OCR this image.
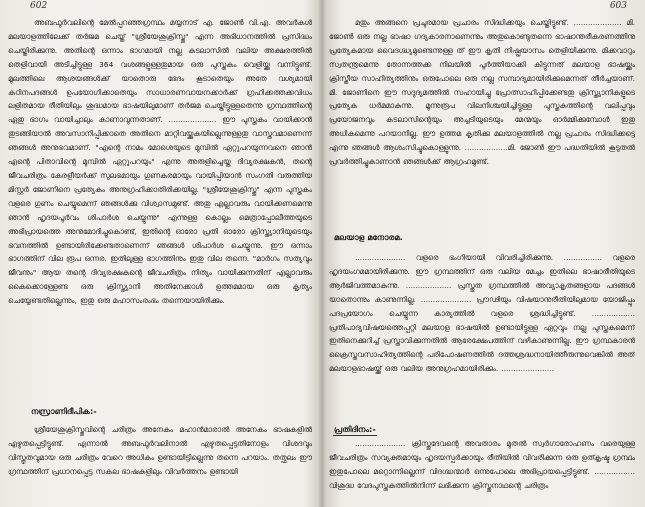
602

അബഫുർവലിന്റെ മേൽപ്പറഞ്ഞഗ്രന്ഥം മയ്യനാട് എ. ജോൺ വി.എ. അവർകൾ മലയാളത്തിലേക്ക് തർജമ ചെയ്ത് "ശ്രീയേശുക്രിസ്തു" എന്ന അഭിധാനത്തിൽ പ്രസിദ്ധം ചെയ്തിരിക്കുന്നു. അതിന്റെ ഒന്നാം ഭാഗമായി നല്ല കടലാസിൽ വലിയ അക്ഷരത്തിൽ തെളിവായി അടിച്ചിട്ടുള്ള 364 വശങ്ങളുള്ളതുമായ ഒരു പുസ്തകം വെളിയ്ക്കു വന്നിട്ടുണ്ട്. മൂലത്തിലെ ആശയങ്ങൾക്ക് യാതൊരു ഭേദം കൂടാതെയും അതേ വശ്യമായി കഠിനപദങ്ങൾ ഉപയോഗിക്കാതെയും സാധാരണവായനക്കാർക്ക് ഗ്രഹിക്കത്തക്കവിധം ലളിതമായ രീതിയിലും ശുദ്ധമായ ഭാഷയിലുമാണ് തർജമ ചെയ്തിട്ടുള്ളതെന്നു ഗ്രന്ഥത്തിന്റെ ഏതു ഭാഗം വായിച്ചാലും കാണാവുന്നതാണ്. .................... ഈ പുസ്തകം വായിക്കാൻ തുടങ്ങിയാൽ അവസാനിപ്പിക്കാതെ അതിനെ മാറ്റിവയ്ക്കുകയില്ലെന്നുള്ളതു വാസ്തവമാണെന്ന് ഞങ്ങൾ അനുഭവമാണ്. "എന്റെ നാമം മോശെയുടെ മുമ്പിൽ ഏറ്റുപറയുന്നവനെ ഞാൻ എന്റെ പിതാവിന്റെ മുമ്പിൽ ഏറ്റുപറയും" എന്നു അരുളിച്ചെയ്ത ദിവ്യരക്ഷകൻ, തന്റെ ജീവചരിത്രം കേരളീയർക്ക് സുലഭമായും ഗുണകരമായും വായിപ്പിയാൻ സംഗതി വരുത്തിയ മിസ്റ്റർ ജോണിനെ പ്രത്യേകം അനുഗ്രഹിക്കാതിരിക്കയില്ല. "ശ്രീയേശുക്രിസ്തു" എന്ന പുസ്തകം വളരെ ഗുണം ചെയ്യുമെന്ന് ഞങ്ങൾക്കു വിശ്വാസമുണ്ട്. അതു എല്ലാവരും വായിക്കണമെന്നു ഞാൻ ഹൃദയപൂർവം ശിപാർശ ചെയ്യുന്നു" എന്നുള്ള കൊല്ലം മെത്രാപ്പോലീത്തയുടെ അഭിപ്രായത്തെ അനുമോദിച്ചുകൊണ്ട്, ഇതിന്റെ ഓരോ പ്രതി ഓരോ ക്രിസ്ത്യാനിയുടെയും ഭവനത്തിൽ ഉണ്ടായിരിക്കേണ്ടതാണെന്ന് ഞങ്ങൾ ശിപാർശ ചെയ്യുന്നു. ഈ ഒന്നാം ഭാഗത്തിന് വില രൂപ ഒന്നര. ഇതിലുള്ള ഭാഗത്തിനും ഇതു വില തന്നെ. "മാർഗം സത്യവും ജീവനും" ആയ തന്റെ ദിവ്യരക്ഷകന്റെ ജീവചരിത്രം നിത്യം വായിക്കുന്നതിന് എല്ലാവരും കൈക്കൊള്ളേണ്ട ഒരു ക്രിസ്ത്യാനി അതിനേക്കാൾ ഉത്തമമായ ഒരു കൃത്യം ചെയ്യേണ്ടതില്ലെന്നും, ഇതു ഒരു മഹാസംരംഭം തന്നെയായിരിക്കും.

നസ്രാണിദീപിക:-

ശ്രീയേശുക്രിസ്തുവിന്റെ ചരിത്രം അനേകം മഹാൻമാരാൽ അനേകം ഭാഷകളിൽ എഴുതപ്പെട്ടിട്ടുണ്ട്. എന്നാൽ അബഫുർവലിനാൽ എഴുതപ്പെട്ടതിനോളം വിശദവും വിസ്തൃതവുമായ ഒരു ചരിത്രം വേറെ അധികം ഉണ്ടായിട്ടില്ലെന്നു തന്നെ പറയാം. തത്ഫലം ഈ ഗ്രന്ഥത്തിന് പ്രധാനപ്പെട്ട സകല ഭാഷകളിലും വിവർത്തനം ഉണ്ടായി

603

മതും അങ്ങനെ പ്രചുരമായ പ്രചാരം സിദ്ധിക്കയും ചെയ്തിട്ടുണ്ട്. .................... മി. ജോൺ ഒരു നല്ല ഭാഷാ ഗദ്യകാരനാണെന്നും അതുകൊണ്ടുതന്നെ ഭാഷാന്തരീകരണത്തിനു പ്രത്യേകമായ വൈദഗ്ദ്ധ്യമുണ്ടെന്നുള്ള ത് ഈ കൃതി നിഷ്പ്രയാസം തെളിയിക്കുന്നു. മിക്കവാറും സ്വതന്ത്രമെന്നു തോന്നത്തക്ക നിലയിൽ പൂർത്തിയാക്കി കിട്ടുന്നത് മലയാള ഭാഷയ്ക്കും ക്രിസ്തീയ സാഹിത്യത്തിനും ഒരുപോലെ ഒരു നല്ല സമ്പാദ്യമായിരിക്കുമെന്നത് തീർച്ചയാണ്. മി. ജോണിനെ ഈ സദുദ്യമത്തിൽ സഹായിച്ചു പ്രോത്സാഹിപ്പിക്കേണ്ടതു ക്രിസ്ത്യാനികളുടെ പ്രത്യേക ധർമമാകുന്നു. മൂന്നുരൂപ വിലനിശ്ചയിച്ചിട്ടുള്ള പുസ്തകത്തിന്റെ വലിപ്പവും പ്രയോജനവും കടലാസിന്റെയും അച്ചടിയുടെയും മേന്മയും ഓർമ്മിക്കുമ്പോൾ ഇതു അധികമെന്നു പറയാനില്ല. ഈ ഉത്തമ കൃതിക്കു മലയാളത്തിൽ നല്ല പ്രചാരം സിദ്ധിക്കട്ടെ എന്നു ഞങ്ങൾ ആശംസിച്ചുകൊള്ളുന്നു. ..................മി. ജോൺ ഈ പദ്ധതിയിൽ കൂടുതൽ പ്രവർത്തിച്ചുകാണാൻ ഞങ്ങൾക്ക് ആഗ്രഹമുണ്ട്.

മലയാള മനോരമ.

..................... വളരെ ഭംഗിയായി വിവരിച്ചിരിക്കുന്നു. ................ വളരെ ഹൃദയംഗമമായിരിക്കുന്നു. ഈ ഗ്രന്ഥത്തിന് ഒരു വലിയ മേച്ചം ഇതിലെ ഭാഷാരീതിയുടെ ആർജിവത്തമാകുന്നു. ................... പ്രസ്തുത ഗ്രന്ഥത്തിൽ അവ്യാകൃതങ്ങളായ പദങ്ങൾ യാതൊന്നും കാണുന്നില്ല. ..................... പ്രൗഢിയും വിഷയാനുരീതിയിലുമായ യോജിപ്പും പദപ്രയോഗം ചെയ്യുന്ന കാര്യത്തിൽ വളരെ ശ്രദ്ധിച്ചിട്ടുണ്ട്. .................. പ്രതിപാദ്യവിഷയത്തെപ്പറ്റി മലയാള ഭാഷയിൽ ഉണ്ടായിട്ടുള്ള ഏറ്റവും നല്ല പുസ്തകമെന്ന് ഇതിനെക്കുറിച്ച് പ്രസ്താവിക്കുന്നതിൽ ആരേക്ഷേപത്തിന് വഴികാണുന്നില്ല. ഈ ഗ്രന്ഥകാരൻ ക്രൈസ്തവസാഹിത്യത്തിന്റെ പരിപോഷണത്തിൽ ദത്തശ്രദ്ധനായിത്തീരുന്നുവെങ്കിൽ അത് മലയാളഭാഷയ്ക്ക് ഒരു വലിയ അനുഗ്രഹമായിരിക്കും. ......................

പ്രതിദിനം:-

..................... ക്രിസ്തുദേവന്റെ അവതാരം മുതൽ സ്വർഗാരോഹണം വരെയുള്ള ജീവചരിത്രം സവ്യക്തമായും ഹൃദയസ്പർക്കായും രീതിയിൽ വിവരിക്കുന്ന ഒരു ഉത്കൃഷ്ട ഗ്രന്ഥം ഇതുപോലെ മറ്റൊന്നില്ലെന്ന് വിദഗ്ദ്ധന്മാർ ഒന്നുപോലെ അഭിപ്രായപ്പെട്ടിട്ടുണ്ട്. ................. വിശുദ്ധ വേദപുസ്തകത്തിൽനിന്ന് ലഭിക്കുന്ന ക്രിസ്തുനാഥന്റെ ചരിത്രം
